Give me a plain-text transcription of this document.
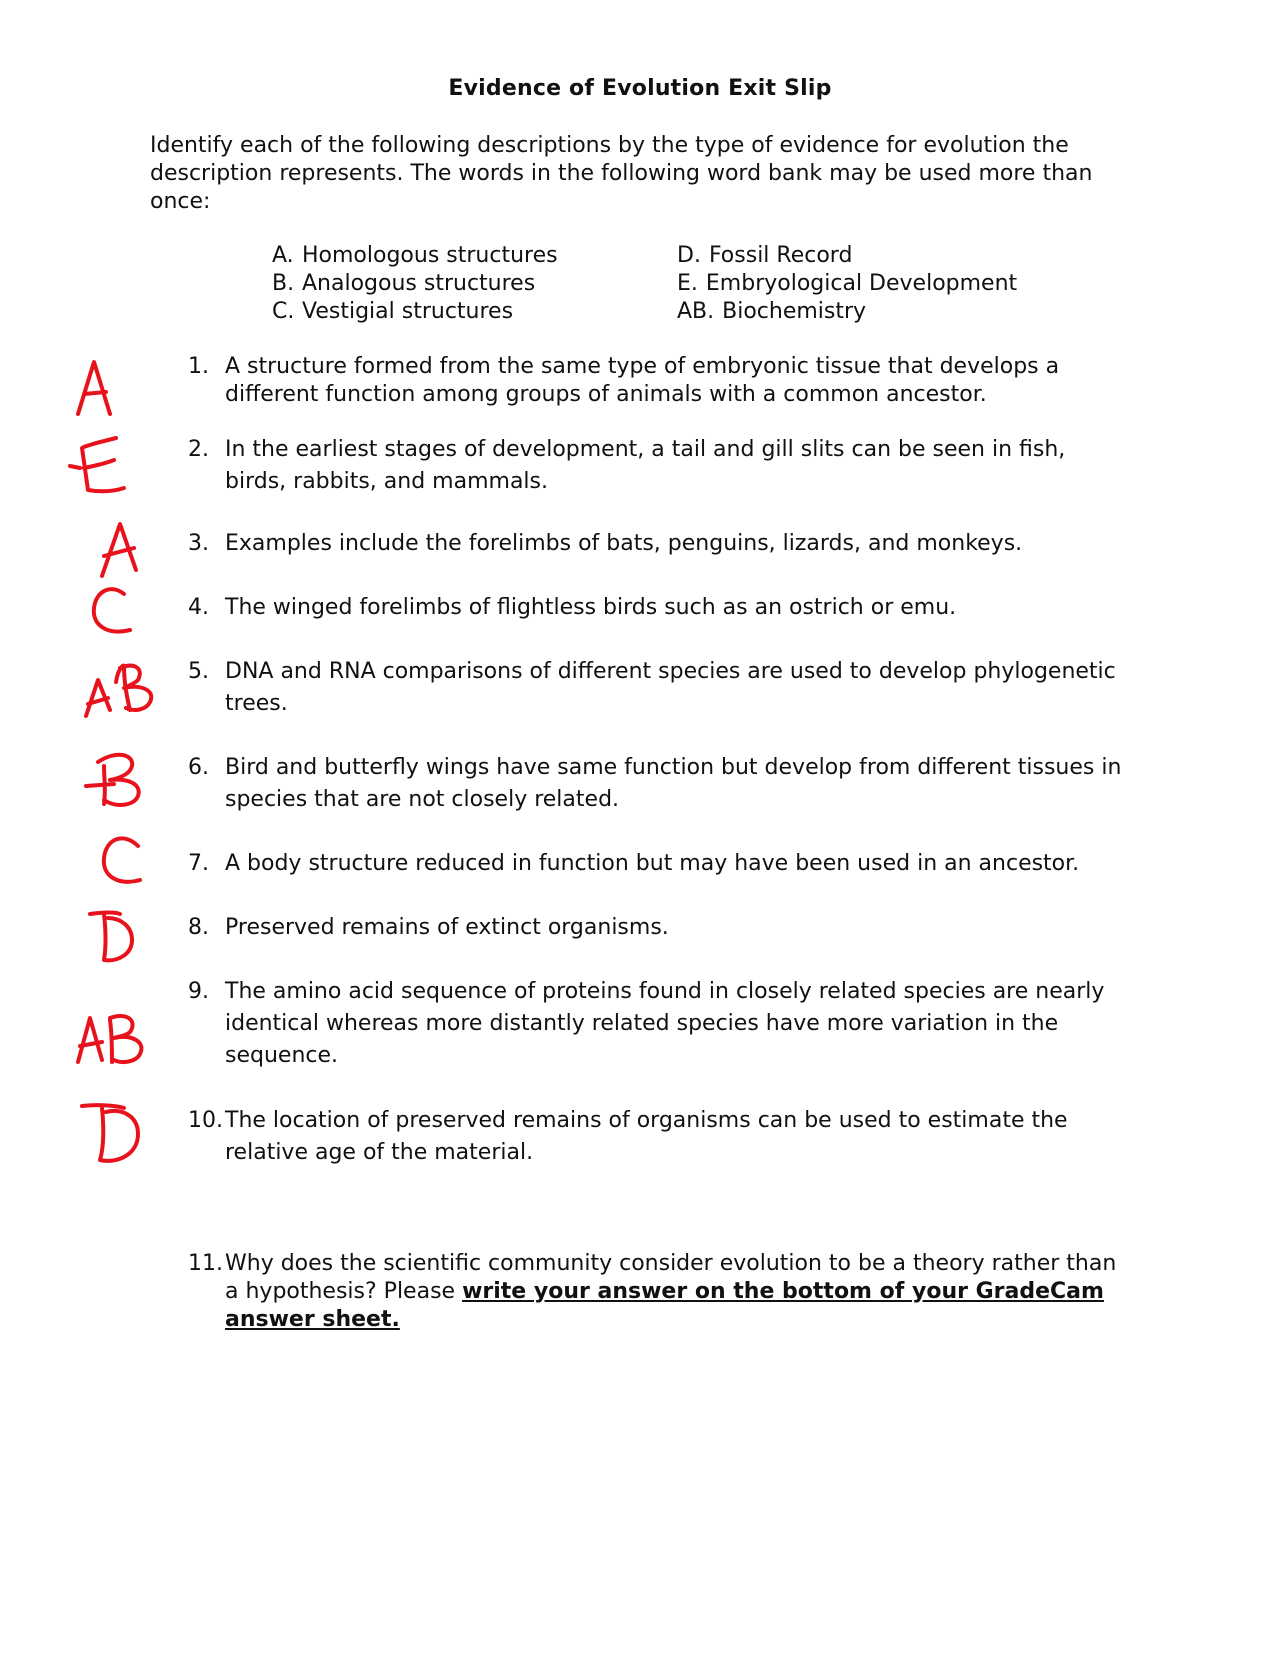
Evidence of Evolution Exit Slip
Identify each of the following descriptions by the type of evidence for evolution the description represents. The words in the following word bank may be used more than once:
A. Homologous structures
B. Analogous structures
C. Vestigial structures
D. Fossil Record
E. Embryological Development
AB. Biochemistry
1. A structure formed from the same type of embryonic tissue that develops a different function among groups of animals with a common ancestor.
2. In the earliest stages of development, a tail and gill slits can be seen in fish, birds, rabbits, and mammals.
3. Examples include the forelimbs of bats, penguins, lizards, and monkeys.
4. The winged forelimbs of flightless birds such as an ostrich or emu.
5. DNA and RNA comparisons of different species are used to develop phylogenetic trees.
6. Bird and butterfly wings have same function but develop from different tissues in species that are not closely related.
7. A body structure reduced in function but may have been used in an ancestor.
8. Preserved remains of extinct organisms.
9. The amino acid sequence of proteins found in closely related species are nearly identical whereas more distantly related species have more variation in the sequence.
10. The location of preserved remains of organisms can be used to estimate the relative age of the material.
11. Why does the scientific community consider evolution to be a theory rather than a hypothesis? Please write your answer on the bottom of your GradeCam answer sheet.
